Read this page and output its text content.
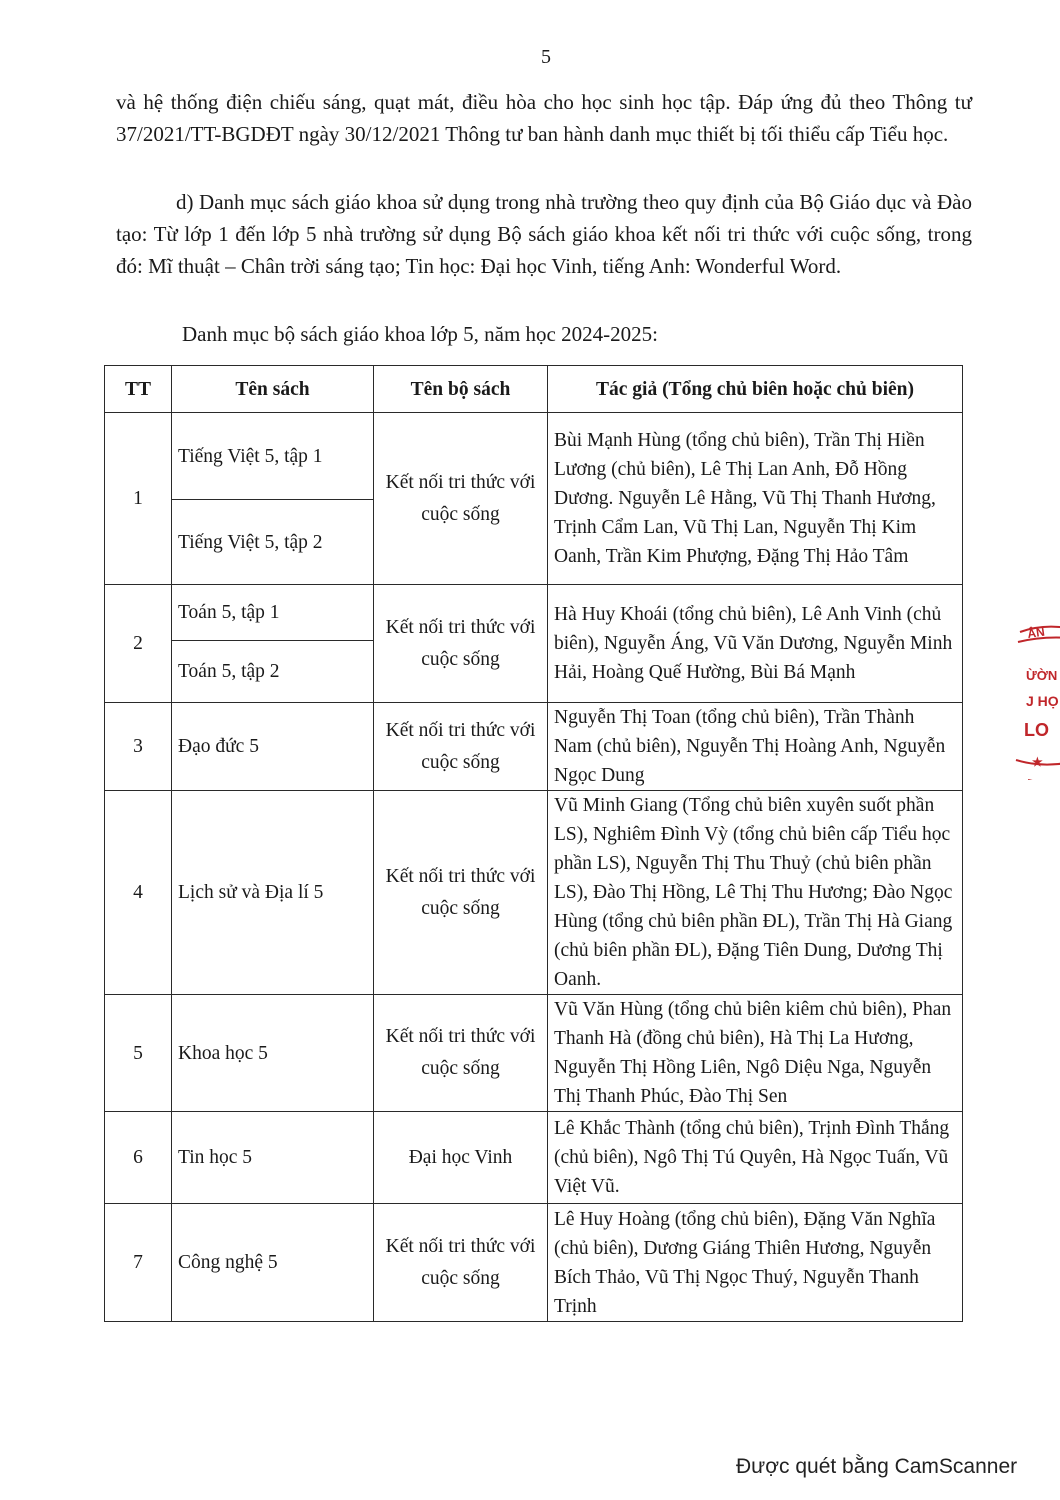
5
và hệ thống điện chiếu sáng, quạt mát, điều hòa cho học sinh học tập. Đáp ứng đủ theo Thông tư 37/2021/TT-BGDĐT ngày 30/12/2021 Thông tư ban hành danh mục thiết bị tối thiểu cấp Tiểu học.
d) Danh mục sách giáo khoa sử dụng trong nhà trường theo quy định của Bộ Giáo dục và Đào tạo: Từ lớp 1 đến lớp 5 nhà trường sử dụng Bộ sách giáo khoa kết nối tri thức với cuộc sống, trong đó: Mĩ thuật – Chân trời sáng tạo; Tin học: Đại học Vinh, tiếng Anh: Wonderful Word.
Danh mục bộ sách giáo khoa lớp 5, năm học 2024-2025:
TT	Tên sách	Tên bộ sách	Tác giả (Tổng chủ biên hoặc chủ biên)
1	Tiếng Việt 5, tập 1	Kết nối tri thức với cuộc sống	Bùi Mạnh Hùng (tổng chủ biên), Trần Thị Hiền Lương (chủ biên), Lê Thị Lan Anh, Đỗ Hồng Dương. Nguyễn Lê Hằng, Vũ Thị Thanh Hương, Trịnh Cẩm Lan, Vũ Thị Lan, Nguyễn Thị Kim Oanh, Trần Kim Phượng, Đặng Thị Hảo Tâm
	Tiếng Việt 5, tập 2		
2	Toán 5, tập 1	Kết nối tri thức với cuộc sống	Hà Huy Khoái (tổng chủ biên), Lê Anh Vinh (chủ biên), Nguyễn Áng, Vũ Văn Dương, Nguyễn Minh Hải, Hoàng Quế Hường, Bùi Bá Mạnh
	Toán 5, tập 2		
3	Đạo đức 5	Kết nối tri thức với cuộc sống	Nguyễn Thị Toan (tổng chủ biên), Trần Thành Nam (chủ biên), Nguyễn Thị Hoàng Anh, Nguyễn Ngọc Dung
4	Lịch sử và Địa lí 5	Kết nối tri thức với cuộc sống	Vũ Minh Giang (Tổng chủ biên xuyên suốt phần LS), Nghiêm Đình Vỳ (tổng chủ biên cấp Tiểu học phần LS), Nguyễn Thị Thu Thuỷ (chủ biên phần LS), Đào Thị Hồng, Lê Thị Thu Hương; Đào Ngọc Hùng (tổng chủ biên phần ĐL), Trần Thị Hà Giang (chủ biên phần ĐL), Đặng Tiên Dung, Dương Thị Oanh.
5	Khoa học 5	Kết nối tri thức với cuộc sống	Vũ Văn Hùng (tổng chủ biên kiêm chủ biên), Phan Thanh Hà (đồng chủ biên), Hà Thị La Hương, Nguyễn Thị Hồng Liên, Ngô Diệu Nga, Nguyễn Thị Thanh Phúc, Đào Thị Sen
6	Tin học 5	Đại học Vinh	Lê Khắc Thành (tổng chủ biên), Trịnh Đình Thắng (chủ biên), Ngô Thị Tú Quyên, Hà Ngọc Tuấn, Vũ Việt Vũ.
7	Công nghệ 5	Kết nối tri thức với cuộc sống	Lê Huy Hoàng (tổng chủ biên), Đặng Văn Nghĩa (chủ biên), Dương Giáng Thiên Hương, Nguyễn Bích Thảo, Vũ Thị Ngọc Thuý, Nguyễn Thanh Trịnh
ÂN
ỪỜN
J HỌ
LO
★
Được quét bằng CamScanner
